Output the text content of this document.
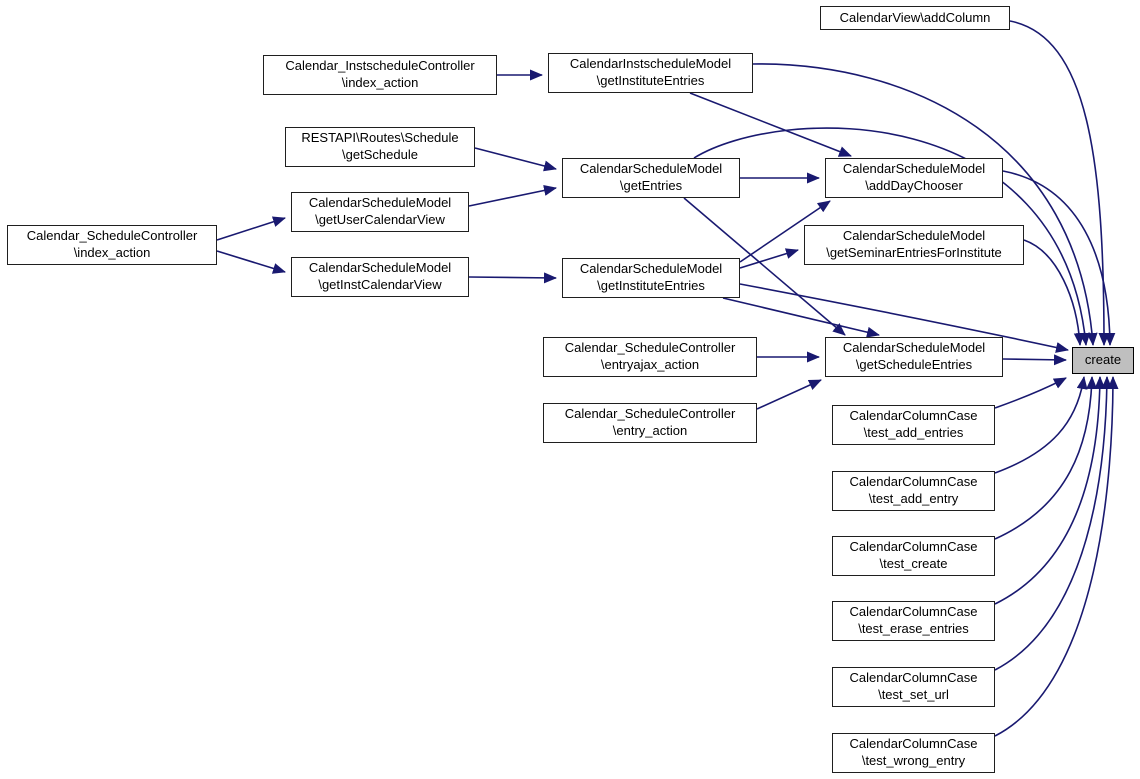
CalendarView\addColumn
Calendar_InstscheduleController
\index_action
CalendarInstscheduleModel
\getInstituteEntries
RESTAPI\Routes\Schedule
\getSchedule
CalendarScheduleModel
\getEntries
CalendarScheduleModel
\getUserCalendarView
Calendar_ScheduleController
\index_action
CalendarScheduleModel
\getInstCalendarView
CalendarScheduleModel
\addDayChooser
CalendarScheduleModel
\getSeminarEntriesForInstitute
CalendarScheduleModel
\getInstituteEntries
Calendar_ScheduleController
\entryajax_action
CalendarScheduleModel
\getScheduleEntries
Calendar_ScheduleController
\entry_action
create
CalendarColumnCase
\test_add_entries
CalendarColumnCase
\test_add_entry
CalendarColumnCase
\test_create
CalendarColumnCase
\test_erase_entries
CalendarColumnCase
\test_set_url
CalendarColumnCase
\test_wrong_entry
